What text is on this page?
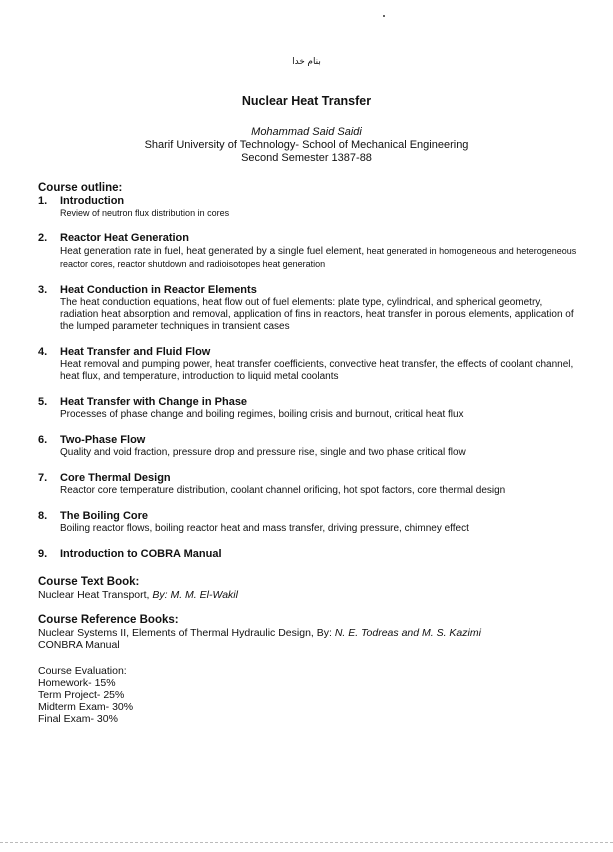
بنام خدا
Nuclear Heat Transfer
Mohammad Said Saidi
Sharif University of Technology- School of Mechanical Engineering
Second Semester 1387-88
Course outline:
1.	Introduction
Review of neutron flux distribution in cores
2.	Reactor Heat Generation
Heat generation rate in fuel, heat generated by a single fuel element, heat generated in homogeneous and heterogeneous reactor cores, reactor shutdown and radioisotopes heat generation
3.	Heat Conduction in Reactor Elements
The heat conduction equations, heat flow out of fuel elements: plate type, cylindrical, and spherical geometry, radiation heat absorption and removal, application of fins in reactors, heat transfer in porous elements, application of the lumped parameter techniques in transient cases
4.	Heat Transfer and Fluid Flow
Heat removal and pumping power, heat transfer coefficients, convective heat transfer, the effects of coolant channel, heat flux, and temperature, introduction to liquid metal coolants
5.	Heat Transfer with Change in Phase
Processes of phase change and boiling regimes, boiling crisis and burnout, critical heat flux
6.	Two-Phase Flow
Quality and void fraction, pressure drop and pressure rise, single and two phase critical flow
7.	Core Thermal Design
Reactor core temperature distribution, coolant channel orificing, hot spot factors, core thermal design
8.	The Boiling Core
Boiling reactor flows, boiling reactor heat and mass transfer, driving pressure, chimney effect
9.	Introduction to COBRA Manual
Course Text Book:
Nuclear Heat Transport, By: M. M. El-Wakil
Course Reference Books:
Nuclear Systems II, Elements of Thermal Hydraulic Design, By: N. E. Todreas and M. S. Kazimi
CONBRA Manual
Course Evaluation:
Homework- 15%
Term Project- 25%
Midterm Exam- 30%
Final Exam- 30%
